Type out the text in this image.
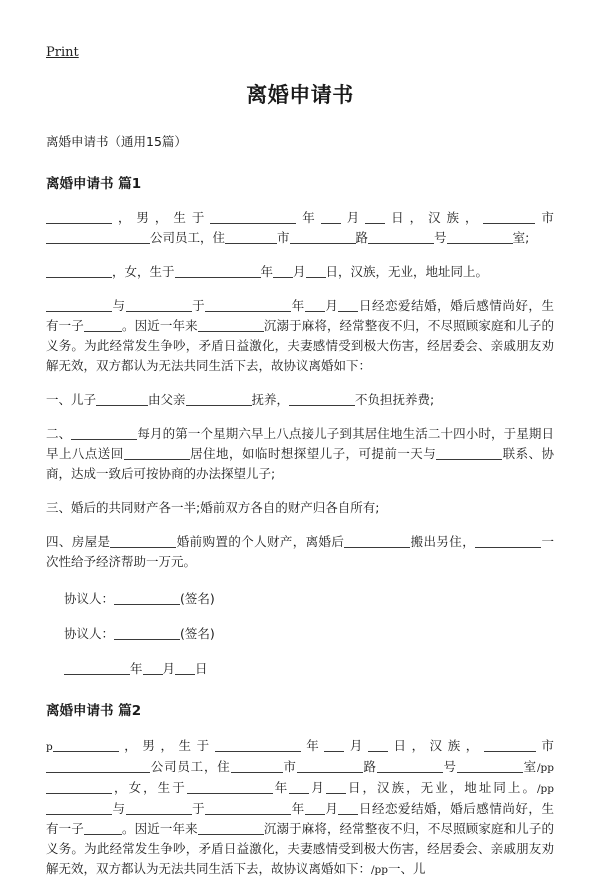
Print
离婚申请书

离婚申请书（通用15篇）

离婚申请书 篇1

，男，生于	年 月 日，汉族，	市公司员工，住	市	路	号	室;

，女，生于	年 月 日，汉族，无业，地址同上。

与	于	年 月 日经恋爱结婚，婚后感情尚好，生有一子	。因近一年来	沉溺于麻将，经常整夜不归，不尽照顾家庭和儿子的义务。为此经常发生争吵，矛盾日益激化，夫妻感情受到极大伤害，经居委会、亲戚朋友劝解无效，双方都认为无法共同生活下去，故协议离婚如下：

一、儿子	由父亲	抚养，	不负担抚养费;

二、	每月的第一个星期六早上八点接儿子到其居住地生活二十四小时，于星期日早上八点送回	居住地，如临时想探望儿子，可提前一天与	联系、协商，达成一致后可按协商的办法探望儿子;

三、婚后的共同财产各一半;婚前双方各自的财产归各自所有;

四、房屋是	婚前购置的个人财产，离婚后	搬出另住，	一次性给予经济帮助一万元。

协议人：	(签名)

协议人：	(签名)

年 月 日

离婚申请书 篇2

p	，男，生于	年 月 日，汉族，	市公司员工，住	市	路	号	室/pp，女，生于	年 月 日，汉族，无业，地址同上。/pp与	于	年 月 日经恋爱结婚，婚后感情尚好，生有一子	。因近一年来	沉溺于麻将，经常整夜不归，不尽照顾家庭和儿子的义务。为此经常发生争吵，矛盾日益激化，夫妻感情受到极大伤害，经居委会、亲戚朋友劝解无效，双方都认为无法共同生活下去，故协议离婚如下：/pp一、儿
